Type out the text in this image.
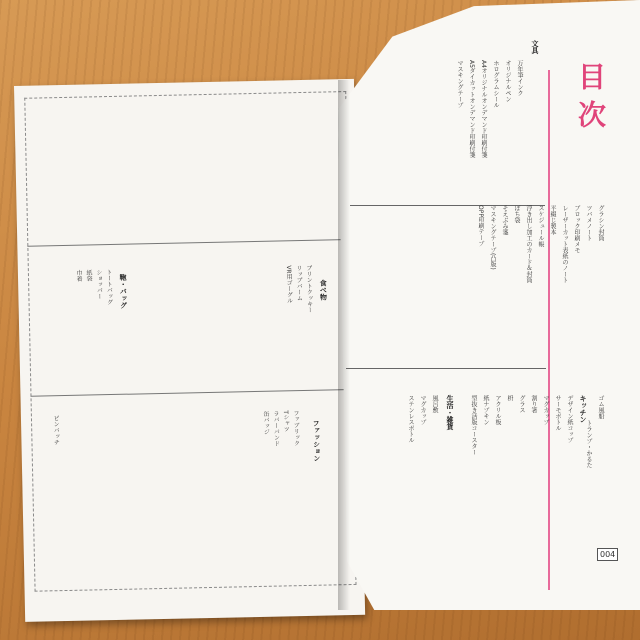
食べ物
プリントクッキー
リップバーム
VR用ゴーグル
鞄・バッグ
トートバッグ
ショッパー
紙袋
巾着
ファッション
ファブリック
Tシャツ
ラバーバンド
缶バッジ
ピンバッチ
目次
文具
万年筆インク
オリジナルぺン
ホログラムシール
A4オリジナルオンデマンド印刷付箋
A5ダイカットオンデマンド印刷付箋
マスキングテープ
グラシン封筒
ツバメノート
ブロック印刷メモ
レーザーカット表紙のノート
平綴じ製本
スケジュール帳
浮き出し加工のカード＆封筒
ぽち袋
そえぶみ箋
マスキングテープ(凸版)
OPP印刷テープ
キッチン ゴム風船
トランプ・かるた
デザイン紙コップ
サーモボトル
マグカップ
割り箸
グラス
枡
アクリル板
紙ナプキン
型抜き活版コースター
生活・雑貨
風呂敷
マグカップ
ステンレスボトル
004
